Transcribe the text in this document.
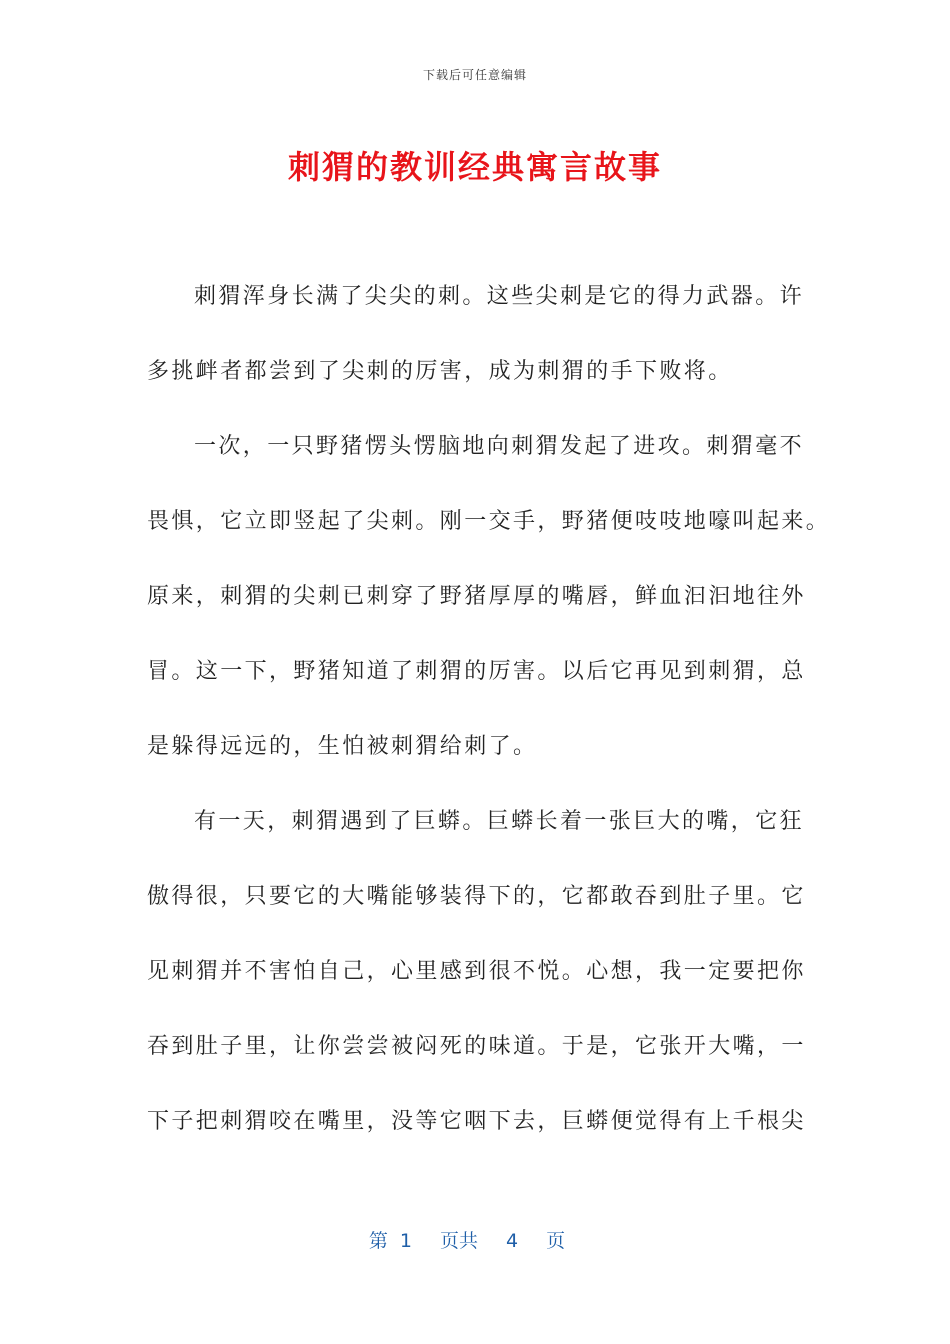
下载后可任意编辑
刺猬的教训经典寓言故事
刺猬浑身长满了尖尖的刺。这些尖刺是它的得力武器。许
多挑衅者都尝到了尖刺的厉害，成为刺猬的手下败将。
一次，一只野猪愣头愣脑地向刺猬发起了进攻。刺猬毫不
畏惧，它立即竖起了尖刺。刚一交手，野猪便吱吱地嚎叫起来。
原来，刺猬的尖刺已刺穿了野猪厚厚的嘴唇，鲜血汩汩地往外
冒。这一下，野猪知道了刺猬的厉害。以后它再见到刺猬，总
是躲得远远的，生怕被刺猬给刺了。
有一天，刺猬遇到了巨蟒。巨蟒长着一张巨大的嘴，它狂
傲得很，只要它的大嘴能够装得下的，它都敢吞到肚子里。它
见刺猬并不害怕自己，心里感到很不悦。心想，我一定要把你
吞到肚子里，让你尝尝被闷死的味道。于是，它张开大嘴，一
下子把刺猬咬在嘴里，没等它咽下去，巨蟒便觉得有上千根尖
第 1 页共 4 页
